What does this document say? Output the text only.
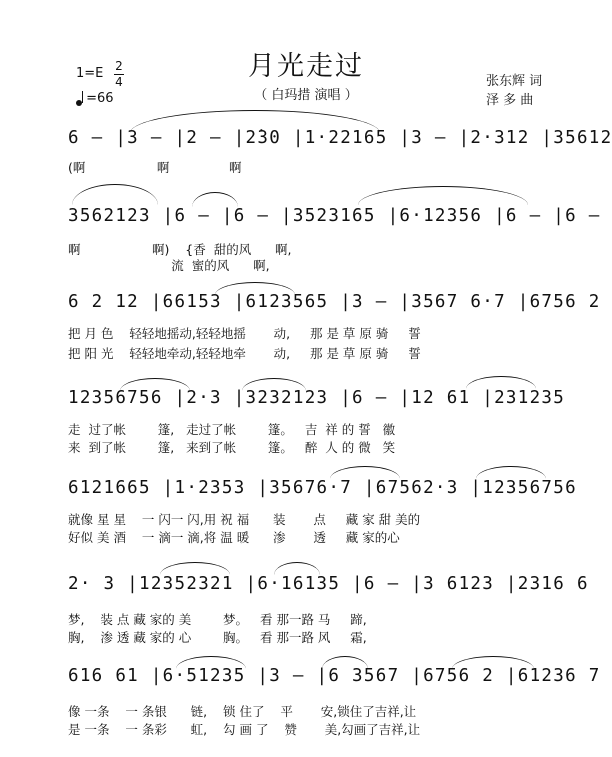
月光走过
（ 白玛措 演唱 ）
1=E 2
4
=66
张东辉 词
泽 多 曲
6 – |3 – |2 – |2̇30 |1·22165 |3 – |2·312 |35612
(啊                  啊               啊
3562123 |6 – |6 – |3523165 |6·12356 |6 – |6 –
啊                  啊)    {香  甜的风      啊,
流  蜜的风      啊,
6 2 12 |66153 |6123565 |3 – |3567 6·7 |6756 2
把 月 色    轻轻地摇动,轻轻地摇       动,     那 是 草 原 骑     誓
把 阳 光    轻轻地牵动,轻轻地牵       动,     那 是 草 原 骑     誓
12356756 |2·3 |3232123 |6 – |12 61 |231235
走  过了帐        篷,   走过了帐        篷。   吉  祥 的 誓   徽
来  到了帐        篷,   来到了帐        篷。   醉  人 的 微   笑
6121665 |1·2353 |35676·7 |67562·3 |12356756
就像 星 星    一 闪一 闪,用 祝 福      装       点     藏 家 甜 美的
好似 美 酒    一 滴一 滴,将 温 暖      渗       透     藏 家的心
2· 3 |12352321 |6·16135 |6 – |3 6123 |2316 6
梦,    装 点 藏 家的 美        梦。   看 那一路 马     蹄,
胸,    渗 透 藏 家的 心        胸。   看 那一路 风     霜,
616 61 |6·51235 |3 – |6 3567 |6756 2 |61236 7
像 一条    一 条银      链,    锁 住了    平       安,锁住了吉祥,让
是 一条    一 条彩      虹,    勾 画 了    赞       美,勾画了吉祥,让
